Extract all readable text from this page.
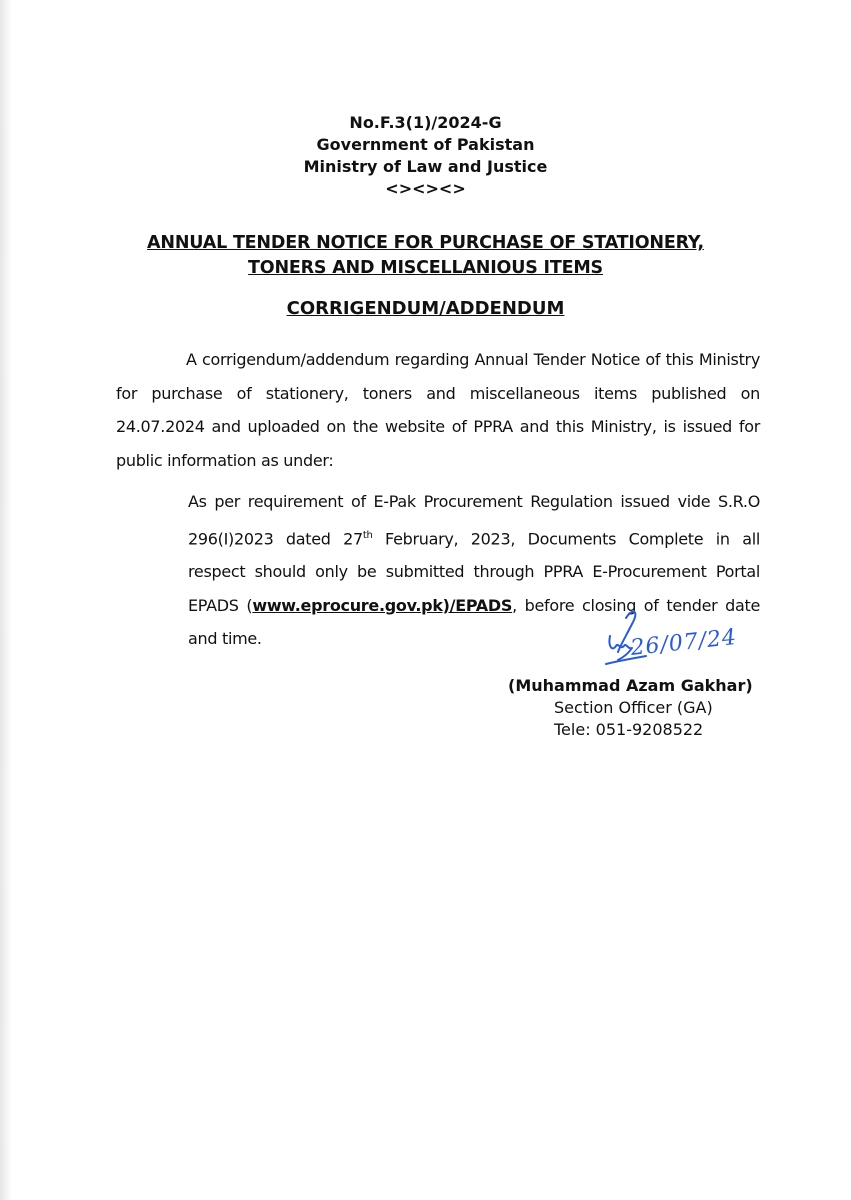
No.F.3(1)/2024-G
Government of Pakistan
Ministry of Law and Justice
<><><>
ANNUAL TENDER NOTICE FOR PURCHASE OF STATIONERY,
TONERS AND MISCELLANIOUS ITEMS
CORRIGENDUM/ADDENDUM
A corrigendum/addendum regarding Annual Tender Notice of this Ministry for purchase of stationery, toners and miscellaneous items published on 24.07.2024 and uploaded on the website of PPRA and this Ministry, is issued for public information as under:
As per requirement of E-Pak Procurement Regulation issued vide S.R.O 296(I)2023 dated 27th February, 2023, Documents Complete in all respect should only be submitted through PPRA E-Procurement Portal EPADS (www.eprocure.gov.pk)/EPADS, before closing of tender date and time.	26/07/24
(Muhammad Azam Gakhar)
Section Officer (GA)
Tele: 051-9208522
